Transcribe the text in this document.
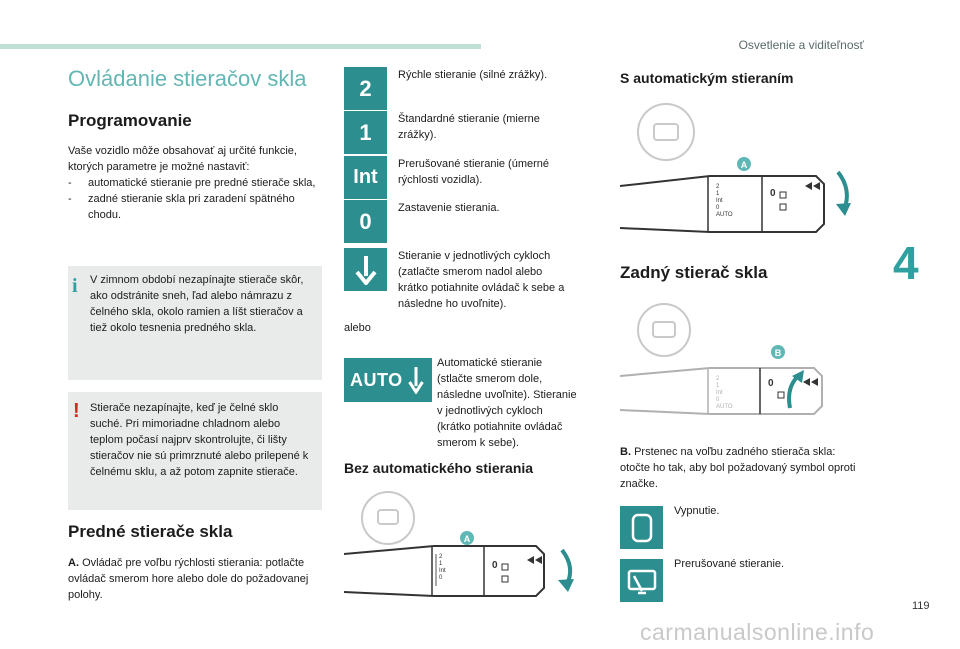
Osvetlenie a viditeľnosť
4
119
carmanualsonline.info
Ovládanie stieračov skla
Programovanie
Vaše vozidlo môže obsahovať aj určité funkcie, ktorých parametre je možné nastaviť:
-	automatické stieranie pre predné stierače skla,
-	zadné stieranie skla pri zaradení spätného chodu.
i	V zimnom období nezapínajte stierače skôr, ako odstránite sneh, ľad alebo námrazu z čelného skla, okolo ramien a líšt stieračov a tiež okolo tesnenia predného skla.
! Stierače nezapínajte, keď je čelné sklo suché. Pri mimoriadne chladnom alebo teplom počasí najprv skontrolujte, či lišty stieračov nie sú primrznuté alebo prilepené k čelnému sklu, a až potom zapnite stierače.
Predné stierače skla
A. Ovládač pre voľbu rýchlosti stierania: potlačte ovládač smerom hore alebo dole do požadovanej polohy.
2
Rýchle stieranie (silné zrážky).
1
Štandardné stieranie (mierne zrážky).
Int
Prerušované stieranie (úmerné rýchlosti vozidla).
0
Zastavenie stierania.
Stieranie v jednotlivých cykloch (zatlačte smerom nadol alebo krátko potiahnite ovládač k sebe a následne ho uvoľnite).
alebo
AUTO
Automatické stieranie (stlačte smerom dole, následne uvoľnite). Stieranie v jednotlivých cykloch (krátko potiahnite ovládač smerom k sebe).
Bez automatického stierania
2
1
Int
0
0
A
S automatickým stieraním
2
1
Int
0
AUTO
0
A
Zadný stierač skla
2
1
Int
0
AUTO
0
B
B. Prstenec na voľbu zadného stierača skla: otočte ho tak, aby bol požadovaný symbol oproti značke.
Vypnutie.
Prerušované stieranie.
